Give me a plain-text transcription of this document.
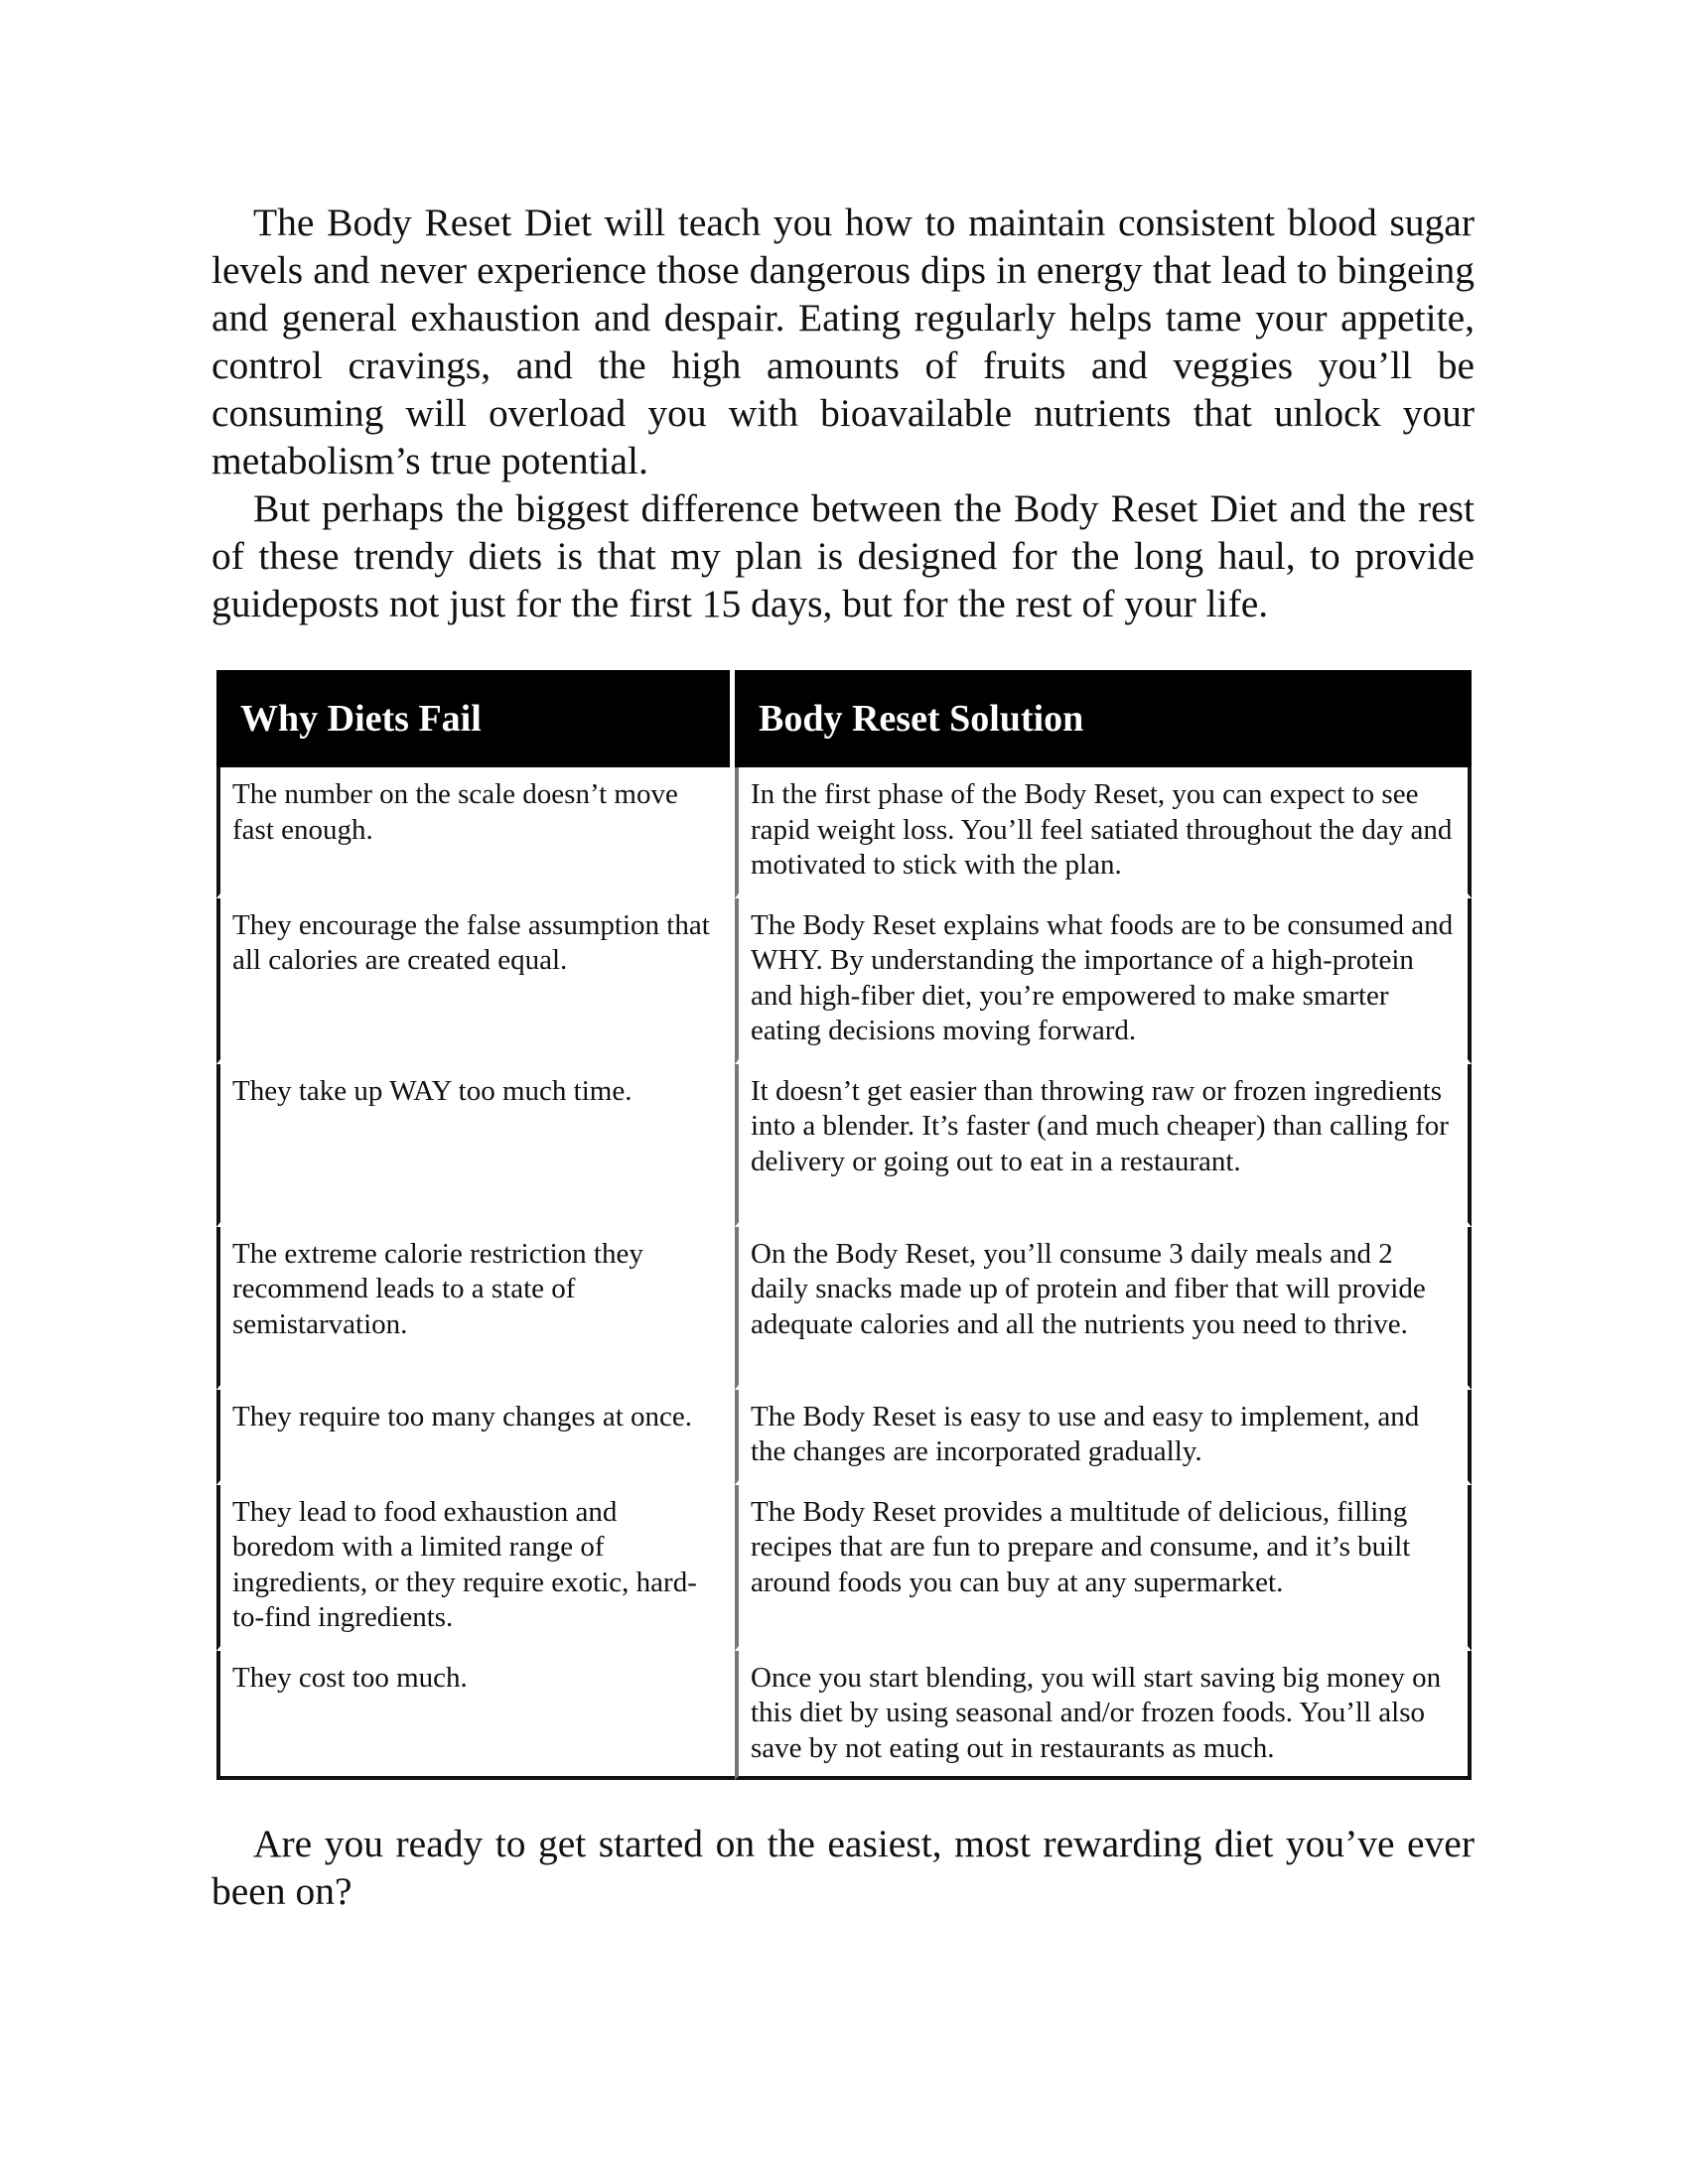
The Body Reset Diet will teach you how to maintain consistent blood sugar levels and never experience those dangerous dips in energy that lead to bingeing and general exhaustion and despair. Eating regularly helps tame your appetite, control cravings, and the high amounts of fruits and veggies you’ll be consuming will overload you with bioavailable nutrients that unlock your metabolism’s true potential.

But perhaps the biggest difference between the Body Reset Diet and the rest of these trendy diets is that my plan is designed for the long haul, to provide guideposts not just for the first 15 days, but for the rest of your life.

Why Diets Fail	Body Reset Solution
The number on the scale doesn’t move fast enough.	In the first phase of the Body Reset, you can expect to see rapid weight loss. You’ll feel satiated throughout the day and motivated to stick with the plan.
They encourage the false assumption that all calories are created equal.	The Body Reset explains what foods are to be consumed and WHY. By understanding the importance of a high-protein and high-fiber diet, you’re empowered to make smarter eating decisions moving forward.
They take up WAY too much time.	It doesn’t get easier than throwing raw or frozen ingredients into a blender. It’s faster (and much cheaper) than calling for delivery or going out to eat in a restaurant.
The extreme calorie restriction they recommend leads to a state of semistarvation.	On the Body Reset, you’ll consume 3 daily meals and 2 daily snacks made up of protein and fiber that will provide adequate calories and all the nutrients you need to thrive.
They require too many changes at once.	The Body Reset is easy to use and easy to implement, and the changes are incorporated gradually.
They lead to food exhaustion and boredom with a limited range of ingredients, or they require exotic, hard-to-find ingredients.	The Body Reset provides a multitude of delicious, filling recipes that are fun to prepare and consume, and it’s built around foods you can buy at any supermarket.
They cost too much.	Once you start blending, you will start saving big money on this diet by using seasonal and/or frozen foods. You’ll also save by not eating out in restaurants as much.

Are you ready to get started on the easiest, most rewarding diet you’ve ever been on?
